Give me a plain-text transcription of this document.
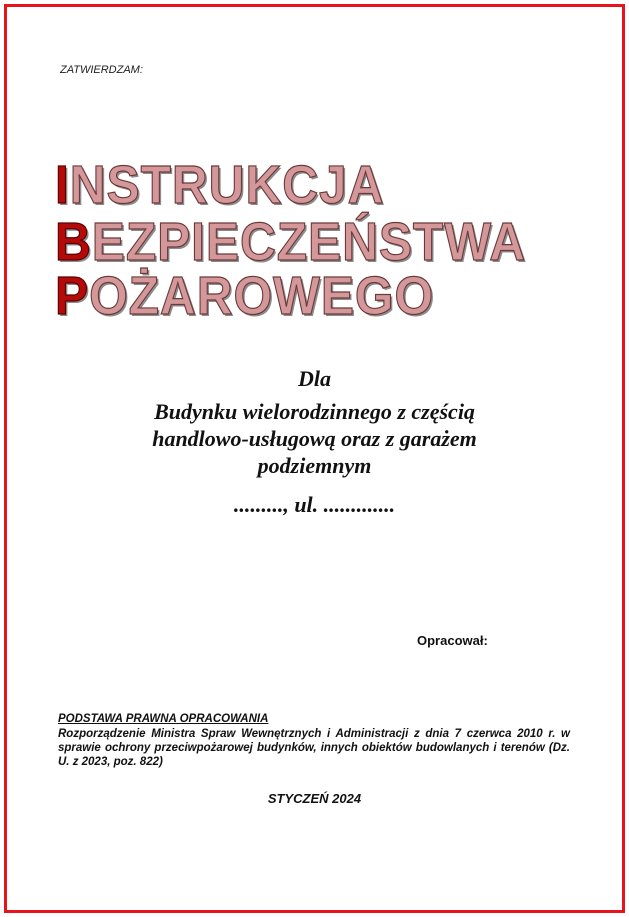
ZATWIERDZAM:
INSTRUKCJA
BEZPIECZEŃSTWA
POŻAROWEGO
Dla
Budynku wielorodzinnego z częścią
handlowo-usługową oraz z garażem
podziemnym
........., ul. .............
Opracował:
PODSTAWA PRAWNA OPRACOWANIA
Rozporządzenie Ministra Spraw Wewnętrznych i Administracji z dnia 7 czerwca 2010 r. w sprawie ochrony przeciwpożarowej budynków, innych obiektów budowlanych i terenów (Dz. U. z 2023, poz. 822)
STYCZEŃ 2024
